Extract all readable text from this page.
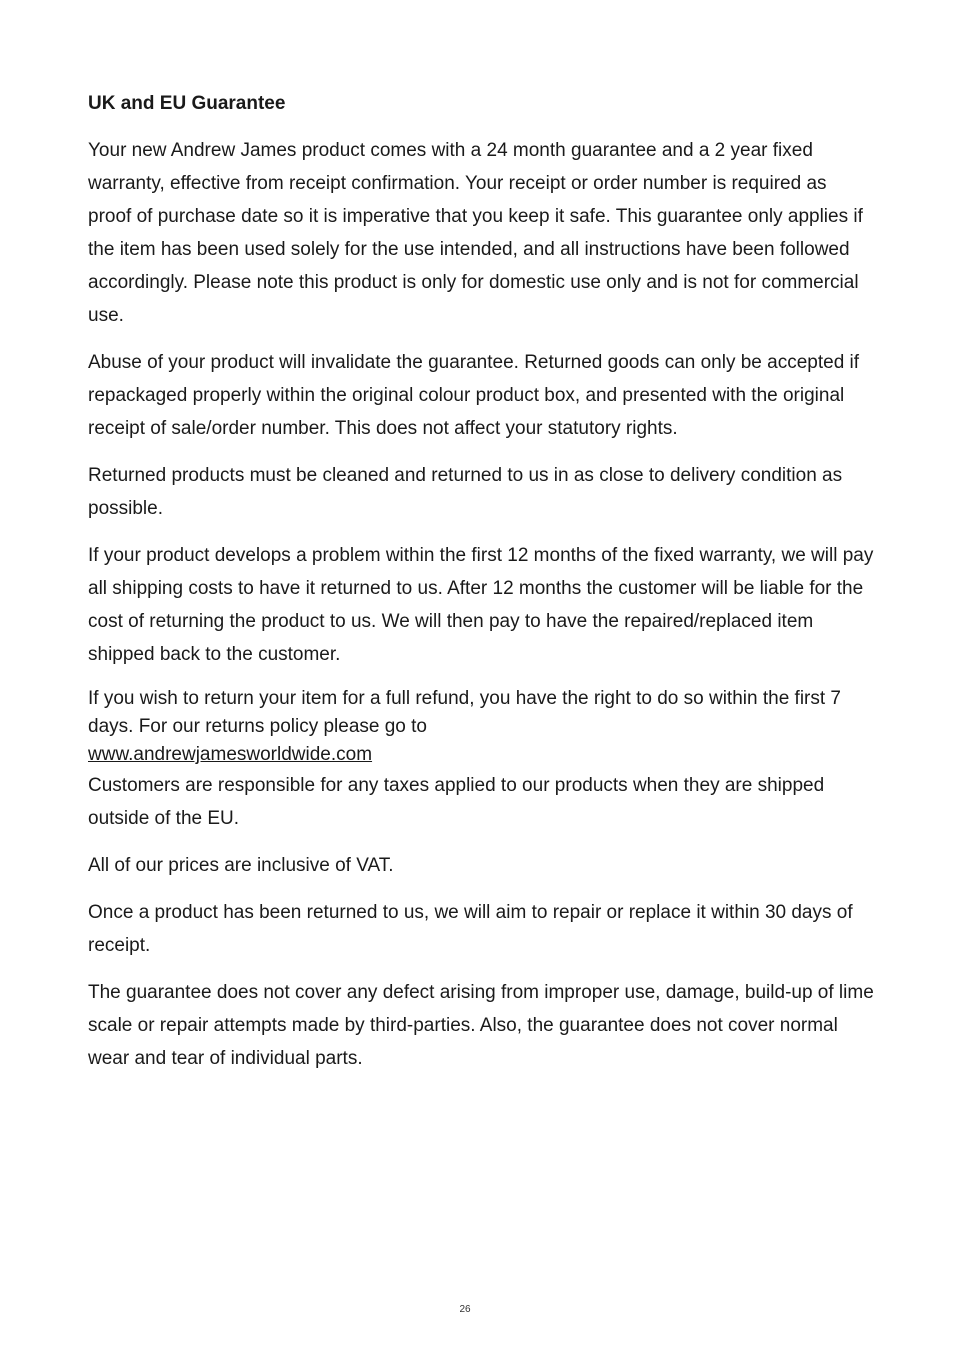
UK and EU Guarantee

Your new Andrew James product comes with a 24 month guarantee and a 2 year fixed warranty, effective from receipt confirmation. Your receipt or order number is required as proof of purchase date so it is imperative that you keep it safe. This guarantee only applies if the item has been used solely for the use intended, and all instructions have been followed accordingly. Please note this product is only for domestic use only and is not for commercial use.

Abuse of your product will invalidate the guarantee. Returned goods can only be accepted if repackaged properly within the original colour product box, and presented with the original receipt of sale/order number. This does not affect your statutory rights.

Returned products must be cleaned and returned to us in as close to delivery condition as possible.

If your product develops a problem within the first 12 months of the fixed warranty, we will pay all shipping costs to have it returned to us. After 12 months the customer will be liable for the cost of returning the product to us. We will then pay to have the repaired/replaced item shipped back to the customer.

If you wish to return your item for a full refund, you have the right to do so within the first 7 days. For our returns policy please go to

www.andrewjamesworldwide.com

Customers are responsible for any taxes applied to our products when they are shipped outside of the EU.

All of our prices are inclusive of VAT.

Once a product has been returned to us, we will aim to repair or replace it within 30 days of receipt.

The guarantee does not cover any defect arising from improper use, damage, build-up of lime scale or repair attempts made by third-parties. Also, the guarantee does not cover normal wear and tear of individual parts.

26
